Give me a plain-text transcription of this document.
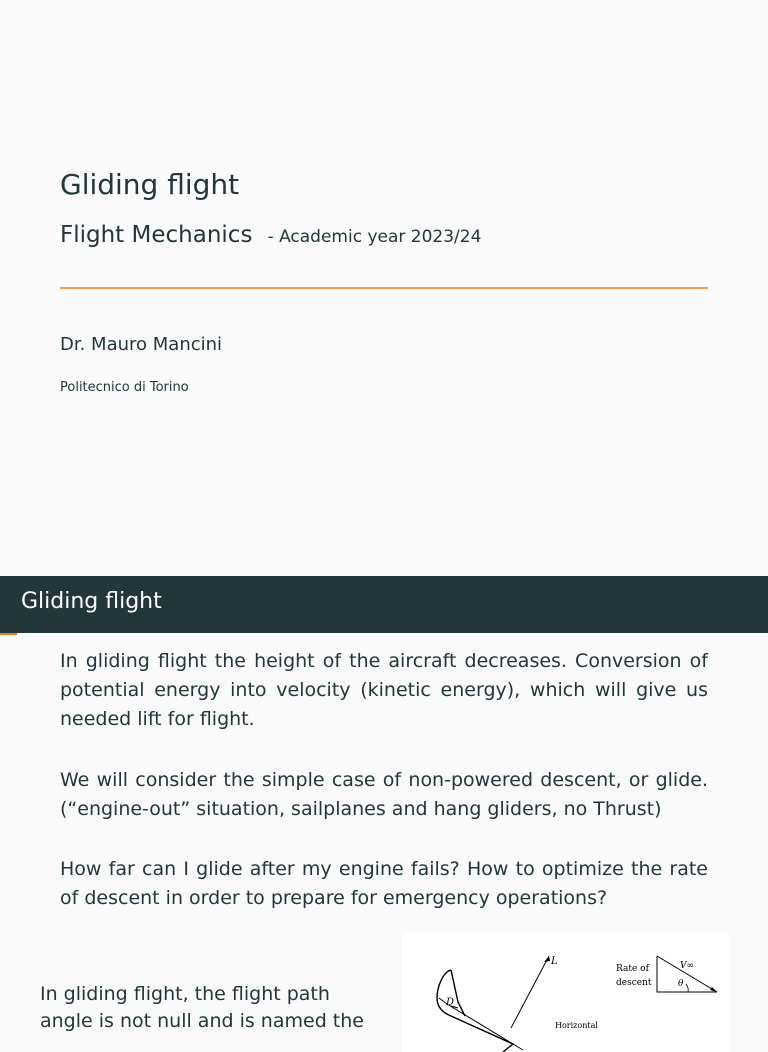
Gliding flight
Flight Mechanics - Academic year 2023/24
Dr. Mauro Mancini
Politecnico di Torino
Gliding flight
In gliding flight the height of the aircraft decreases. Conversion of potential energy into velocity (kinetic energy), which will give us needed lift for flight.
We will consider the simple case of non-powered descent, or glide. (“engine-out” situation, sailplanes and hang gliders, no Thrust)
How far can I glide after my engine fails? How to optimize the rate of descent in order to prepare for emergency operations?
In gliding flight, the flight path angle is not null and is named the
L
D
Rate of
descent
V∞
θ
Horizontal
